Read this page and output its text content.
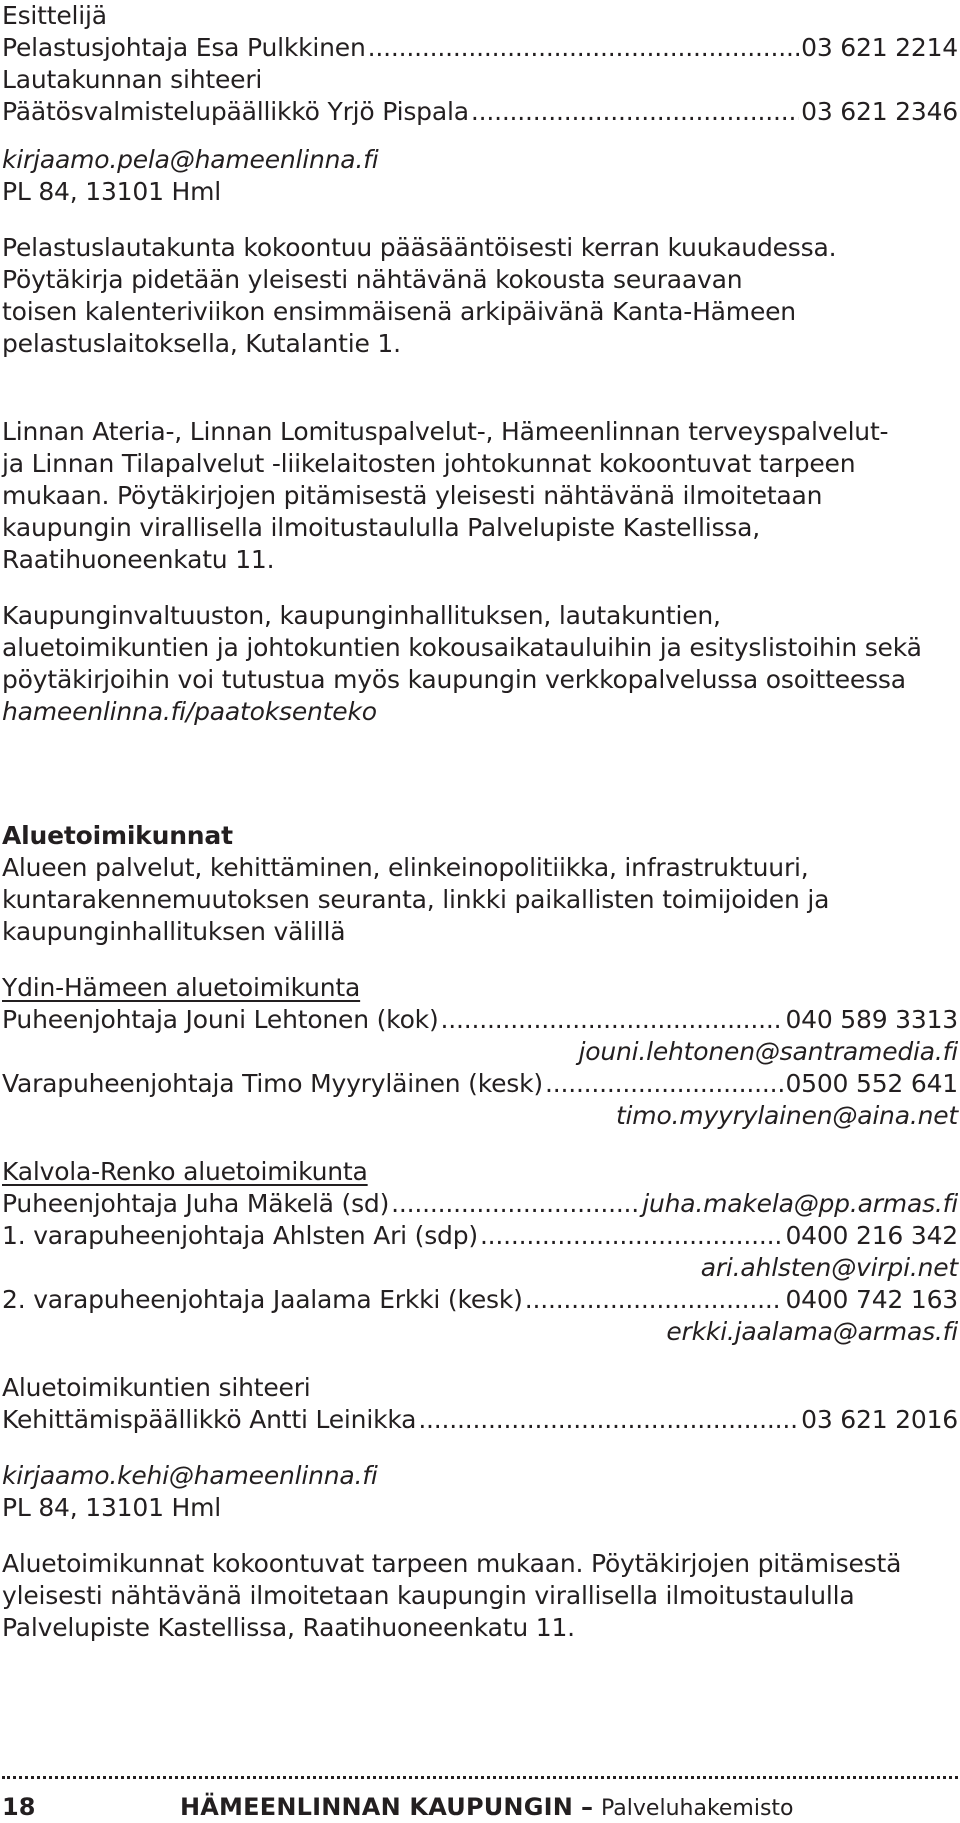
Esittelijä
Pelastusjohtaja Esa Pulkkinen .....	03 621 2214
Lautakunnan sihteeri
Päätösvalmistelupäällikkö Yrjö Pispala .....	03 621 2346
kirjaamo.pela@hameenlinna.fi
PL 84, 13101 Hml
Pelastuslautakunta kokoontuu pääsääntöisesti kerran kuukaudessa.
Pöytäkirja pidetään yleisesti nähtävänä kokousta seuraavan
toisen kalenteriviikon ensimmäisenä arkipäivänä Kanta-Hämeen
pelastuslaitoksella, Kutalantie 1.
Linnan Ateria-, Linnan Lomituspalvelut-, Hämeenlinnan terveyspalvelut-
ja Linnan Tilapalvelut -liikelaitosten johtokunnat kokoontuvat tarpeen
mukaan. Pöytäkirjojen pitämisestä yleisesti nähtävänä ilmoitetaan
kaupungin virallisella ilmoitustaululla Palvelupiste Kastellissa,
Raatihuoneenkatu 11.
Kaupunginvaltuuston, kaupunginhallituksen, lautakuntien,
aluetoimikuntien ja johtokuntien kokousaikatauluihin ja esityslistoihin sekä
pöytäkirjoihin voi tutustua myös kaupungin verkkopalvelussa osoitteessa
hameenlinna.fi/paatoksenteko
Aluetoimikunnat
Alueen palvelut, kehittäminen, elinkeinopolitiikka, infrastruktuuri,
kuntarakennemuutoksen seuranta, linkki paikallisten toimijoiden ja
kaupunginhallituksen välillä
Ydin-Hämeen aluetoimikunta
Puheenjohtaja Jouni Lehtonen (kok) .....	040 589 3313
jouni.lehtonen@santramedia.fi
Varapuheenjohtaja Timo Myyryläinen (kesk) .....	0500 552 641
timo.myyrylainen@aina.net
Kalvola-Renko aluetoimikunta
Puheenjohtaja Juha Mäkelä (sd) .....	juha.makela@pp.armas.fi
1. varapuheenjohtaja Ahlsten Ari (sdp) .....	0400 216 342
ari.ahlsten@virpi.net
2. varapuheenjohtaja Jaalama Erkki (kesk) .....	0400 742 163
erkki.jaalama@armas.fi
Aluetoimikuntien sihteeri
Kehittämispäällikkö Antti Leinikka .....	03 621 2016
kirjaamo.kehi@hameenlinna.fi
PL 84, 13101 Hml
Aluetoimikunnat kokoontuvat tarpeen mukaan. Pöytäkirjojen pitämisestä
yleisesti nähtävänä ilmoitetaan kaupungin virallisella ilmoitustaululla
Palvelupiste Kastellissa, Raatihuoneenkatu 11.
18	HÄMEENLINNAN KAUPUNGIN – Palveluhakemisto
